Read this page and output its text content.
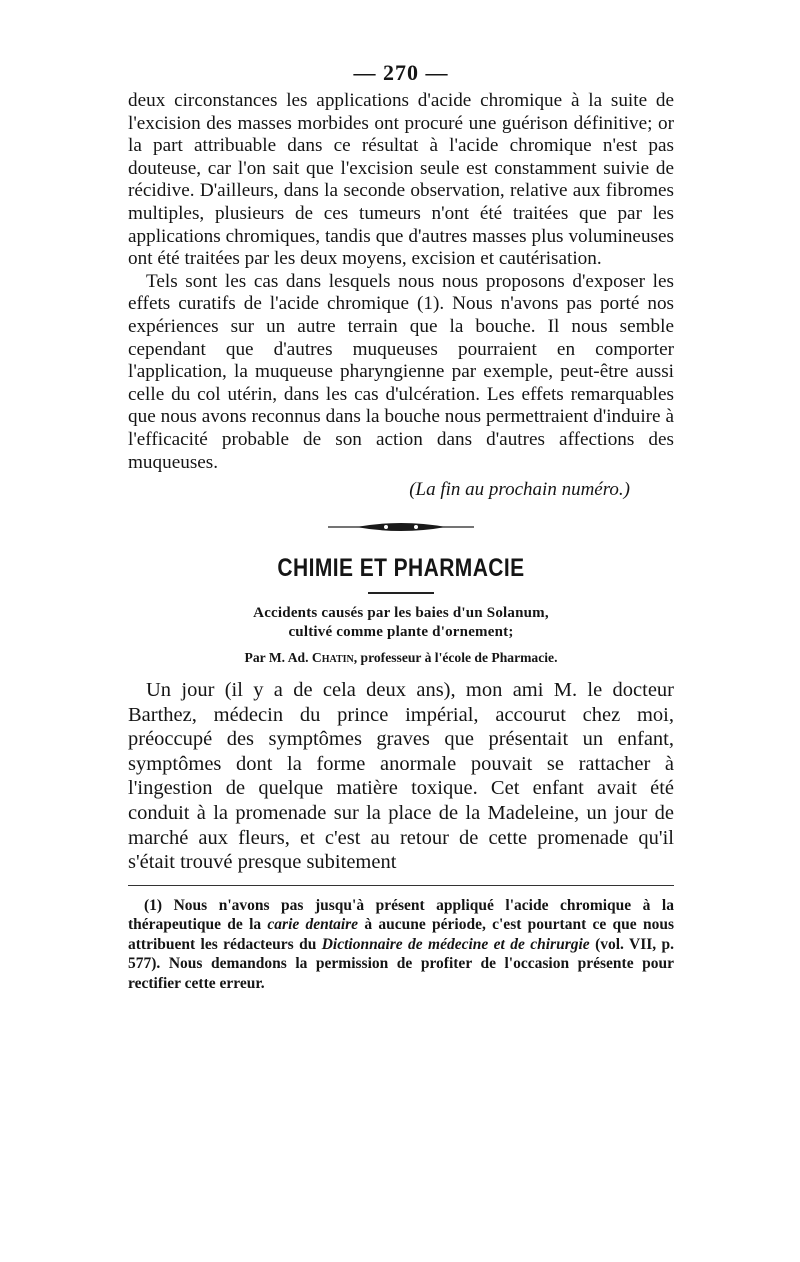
— 270 —

deux circonstances les applications d'acide chromique à la suite de l'excision des masses morbides ont procuré une guérison définitive; or la part attribuable dans ce résultat à l'acide chromique n'est pas douteuse, car l'on sait que l'excision seule est constamment suivie de récidive. D'ailleurs, dans la seconde observation, relative aux fibromes multiples, plusieurs de ces tumeurs n'ont été traitées que par les applications chromiques, tandis que d'autres masses plus volumineuses ont été traitées par les deux moyens, excision et cautérisation.

Tels sont les cas dans lesquels nous nous proposons d'exposer les effets curatifs de l'acide chromique (1). Nous n'avons pas porté nos expériences sur un autre terrain que la bouche. Il nous semble cependant que d'autres muqueuses pourraient en comporter l'application, la muqueuse pharyngienne par exemple, peut-être aussi celle du col utérin, dans les cas d'ulcération. Les effets remarquables que nous avons reconnus dans la bouche nous permettraient d'induire à l'efficacité probable de son action dans d'autres affections des muqueuses.

(La fin au prochain numéro.)

CHIMIE ET PHARMACIE

Accidents causés par les baies d'un Solanum,
cultivé comme plante d'ornement;

Par M. Ad. Chatin, professeur à l'école de Pharmacie.

Un jour (il y a de cela deux ans), mon ami M. le docteur Barthez, médecin du prince impérial, accourut chez moi, préoccupé des symptômes graves que présentait un enfant, symptômes dont la forme anormale pouvait se rattacher à l'ingestion de quelque matière toxique. Cet enfant avait été conduit à la promenade sur la place de la Madeleine, un jour de marché aux fleurs, et c'est au retour de cette promenade qu'il s'était trouvé presque subitement

(1) Nous n'avons pas jusqu'à présent appliqué l'acide chromique à la thérapeutique de la carie dentaire à aucune période, c'est pourtant ce que nous attribuent les rédacteurs du Dictionnaire de médecine et de chirurgie (vol. VII, p. 577). Nous demandons la permission de profiter de l'occasion présente pour rectifier cette erreur.
